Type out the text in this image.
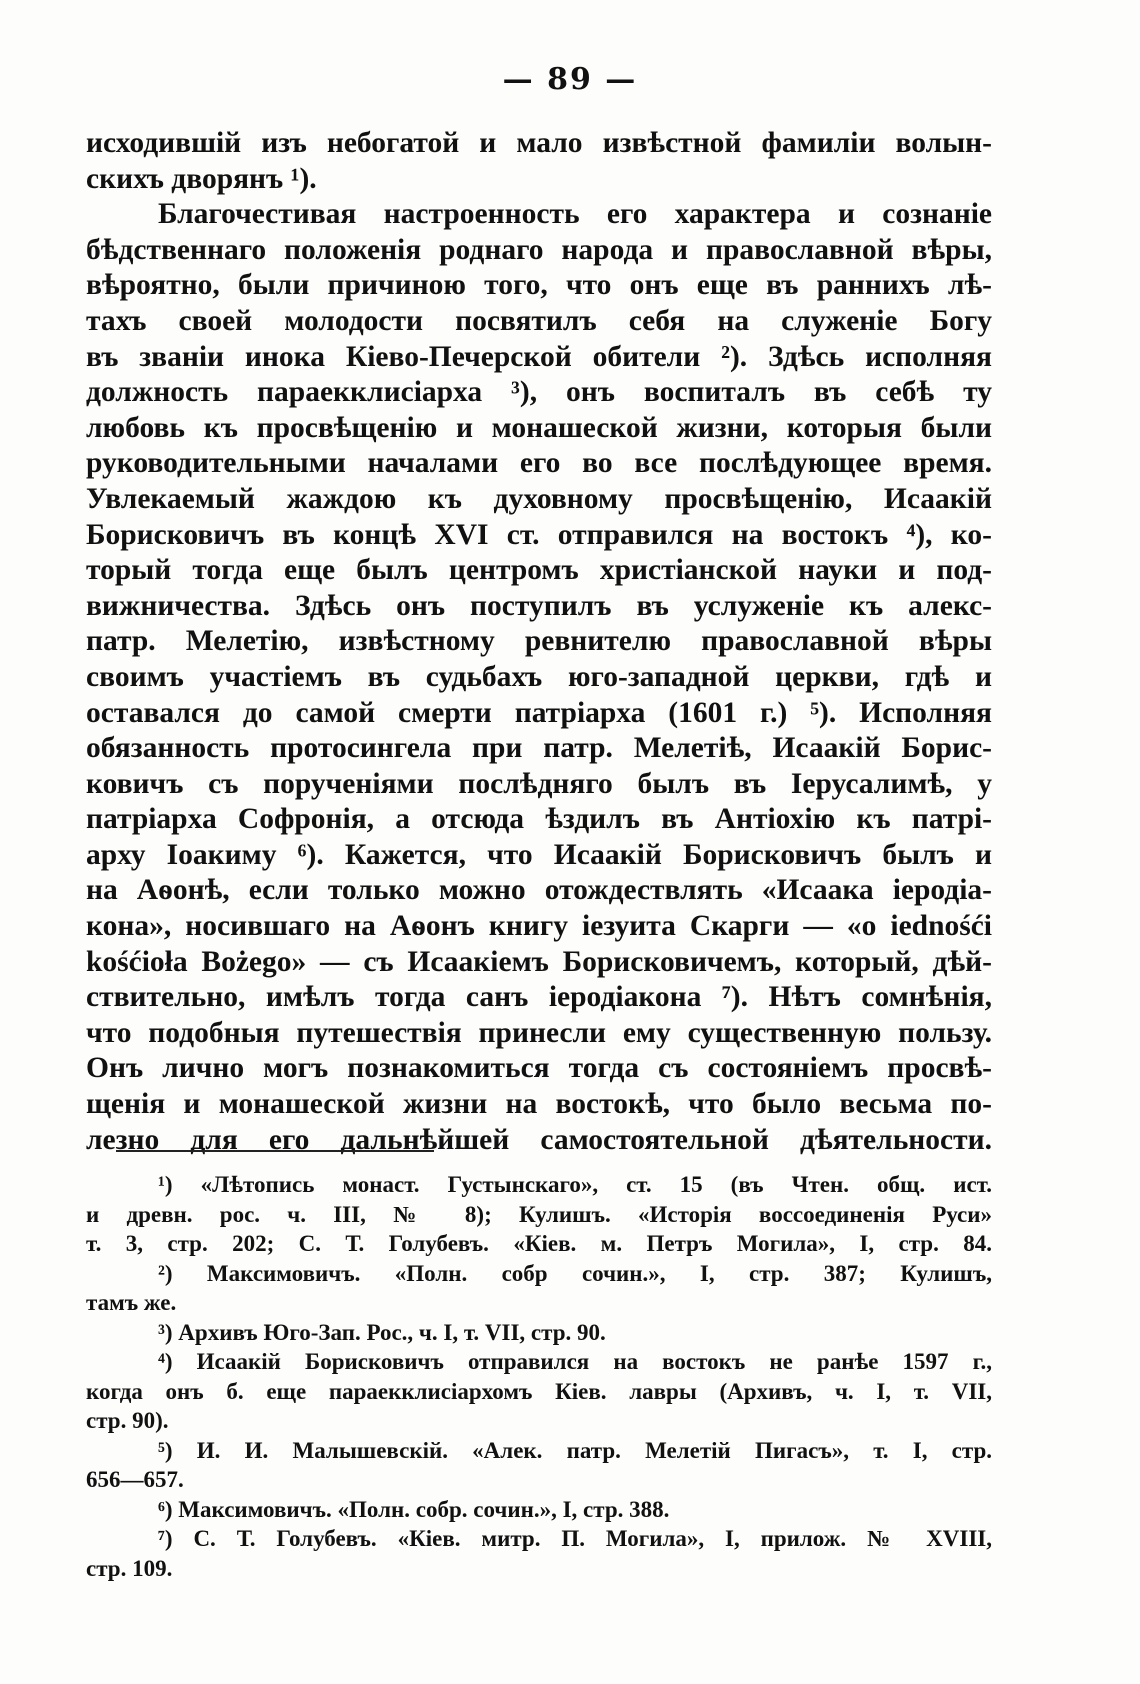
— 89 —
исходившій изъ небогатой и мало извѣстной фамиліи волын-
скихъ дворянъ ¹).
Благочестивая настроенность его характера и сознаніе
бѣдственнаго положенія роднаго народа и православной вѣры,
вѣроятно, были причиною того, что онъ еще въ раннихъ лѣ-
тахъ своей молодости посвятилъ себя на служеніе Богу
въ званіи инока Кіево-Печерской обители ²). Здѣсь исполняя
должность параекклисіарха ³), онъ воспиталъ въ себѣ ту
любовь къ просвѣщенію и монашеской жизни, которыя были
руководительными началами его во все послѣдующее время.
Увлекаемый жаждою къ духовному просвѣщенію, Исаакій
Борисковичъ въ концѣ XVI ст. отправился на востокъ ⁴), ко-
торый тогда еще былъ центромъ христіанской науки и под-
вижничества. Здѣсь онъ поступилъ въ услуженіе къ алекс-
патр. Мелетію, извѣстному ревнителю православной вѣры
своимъ участіемъ въ судьбахъ юго-западной церкви, гдѣ и
оставался до самой смерти патріарха (1601 г.) ⁵). Исполняя
обязанность протосингела при патр. Мелетіѣ, Исаакій Борис-
ковичъ съ порученіями послѣдняго былъ въ Іерусалимѣ, у
патріарха Софронія, а отсюда ѣздилъ въ Антіохію къ патрі-
арху Іоакиму ⁶). Кажется, что Исаакій Борисковичъ былъ и
на Аѳонѣ, если только можно отождествлять «Исаака іеродіа-
кона», носившаго на Аѳонъ книгу іезуита Скарги — «o iednośći
kośćioła Bożego» — съ Исаакіемъ Борисковичемъ, который, дѣй-
ствительно, имѣлъ тогда санъ іеродіакона ⁷). Нѣтъ сомнѣнія,
что подобныя путешествія принесли ему существенную пользу.
Онъ лично могъ познакомиться тогда съ состояніемъ просвѣ-
щенія и монашеской жизни на востокѣ, что было весьма по-
лезно для его дальнѣйшей самостоятельной дѣятельности.
¹) «Лѣтопись монаст. Густынскаго», ст. 15 (въ Чтен. общ. ист.
и древн. рос. ч. III, № 8); Кулишъ. «Исторія воссоединенія Руси»
т. 3, стр. 202; С. Т. Голубевъ. «Кіев. м. Петръ Могила», I, стр. 84.
²) Максимовичъ. «Полн. собр сочин.», I, стр. 387; Кулишъ,
тамъ же.
³) Архивъ Юго-Зап. Рос., ч. I, т. VII, стр. 90.
⁴) Исаакій Борисковичъ отправился на востокъ не ранѣе 1597 г.,
когда онъ б. еще параекклисіархомъ Кіев. лавры (Архивъ, ч. I, т. VII,
стр. 90).
⁵) И. И. Малышевскій. «Алек. патр. Мелетій Пигасъ», т. I, стр.
656—657.
⁶) Максимовичъ. «Полн. собр. сочин.», I, стр. 388.
⁷) С. Т. Голубевъ. «Кіев. митр. П. Могила», I, прилож. № XVIII,
стр. 109.
